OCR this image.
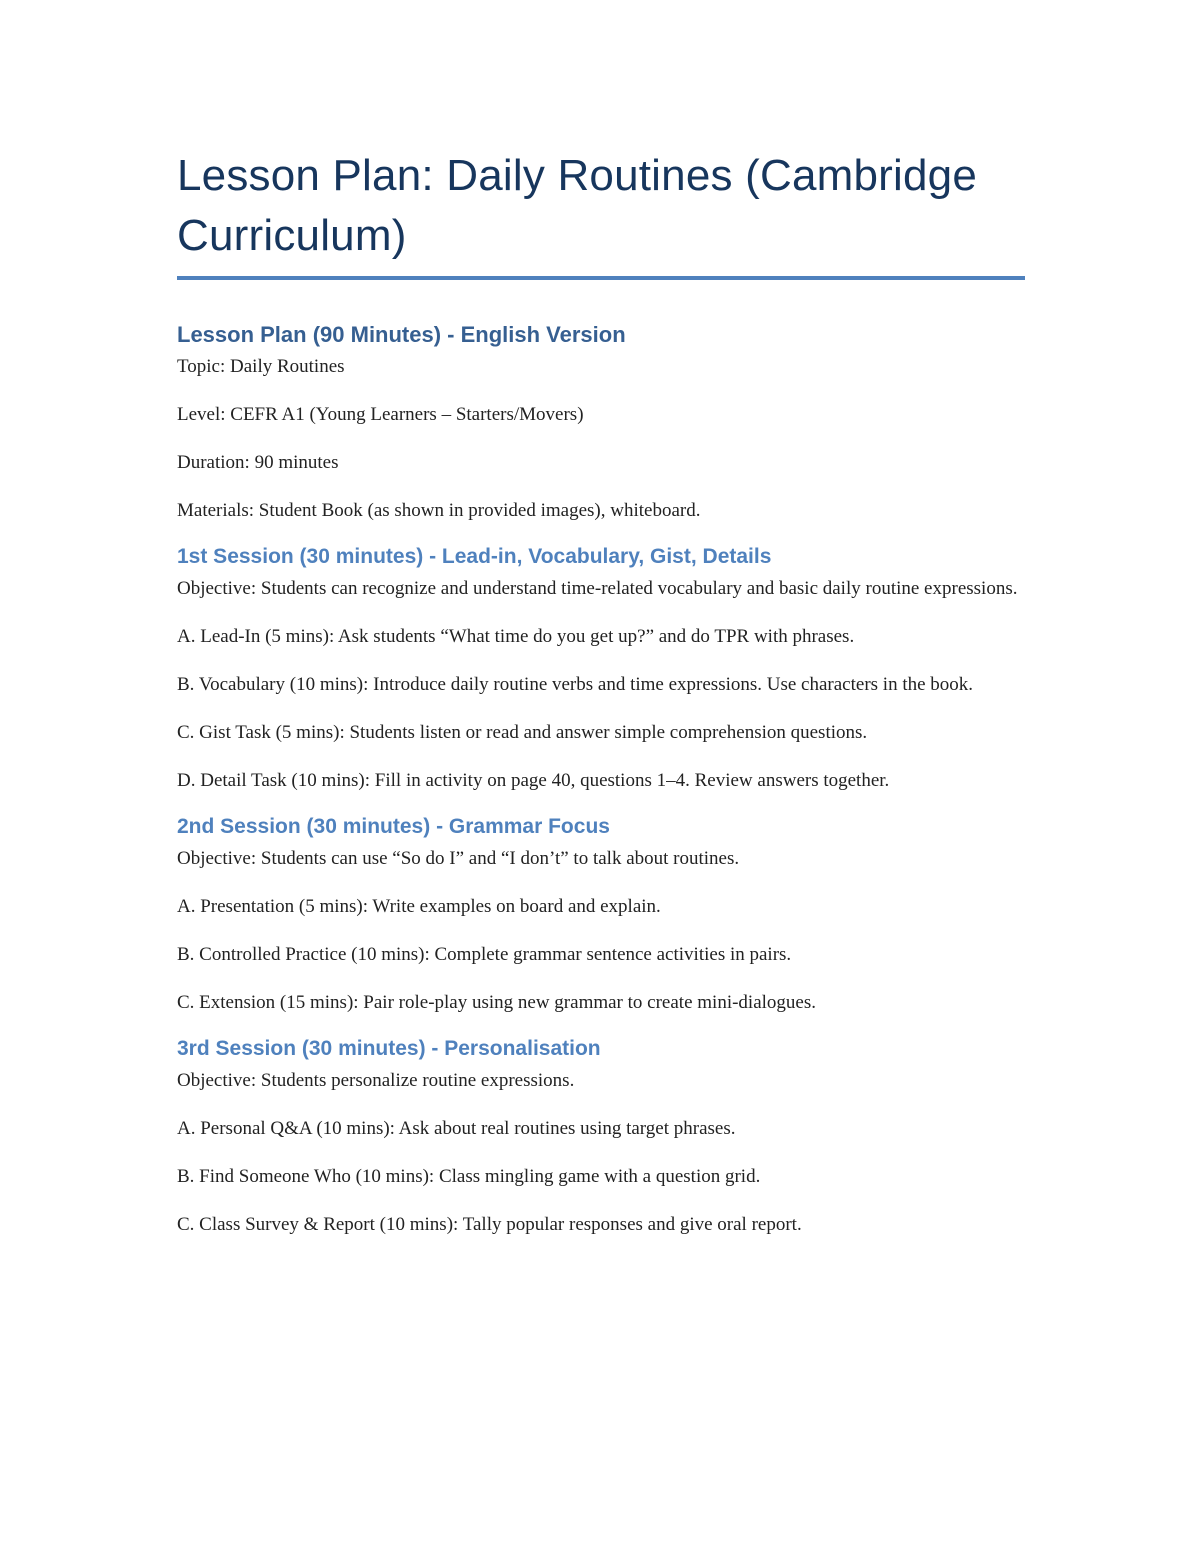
Lesson Plan: Daily Routines (Cambridge Curriculum)
Lesson Plan (90 Minutes) - English Version

Topic: Daily Routines

Level: CEFR A1 (Young Learners – Starters/Movers)

Duration: 90 minutes

Materials: Student Book (as shown in provided images), whiteboard.

1st Session (30 minutes) - Lead-in, Vocabulary, Gist, Details

Objective: Students can recognize and understand time-related vocabulary and basic daily routine expressions.

A. Lead-In (5 mins): Ask students “What time do you get up?” and do TPR with phrases.

B. Vocabulary (10 mins): Introduce daily routine verbs and time expressions. Use characters in the book.

C. Gist Task (5 mins): Students listen or read and answer simple comprehension questions.

D. Detail Task (10 mins): Fill in activity on page 40, questions 1–4. Review answers together.

2nd Session (30 minutes) - Grammar Focus

Objective: Students can use “So do I” and “I don’t” to talk about routines.

A. Presentation (5 mins): Write examples on board and explain.

B. Controlled Practice (10 mins): Complete grammar sentence activities in pairs.

C. Extension (15 mins): Pair role-play using new grammar to create mini-dialogues.

3rd Session (30 minutes) - Personalisation

Objective: Students personalize routine expressions.

A. Personal Q&A (10 mins): Ask about real routines using target phrases.

B. Find Someone Who (10 mins): Class mingling game with a question grid.

C. Class Survey & Report (10 mins): Tally popular responses and give oral report.
